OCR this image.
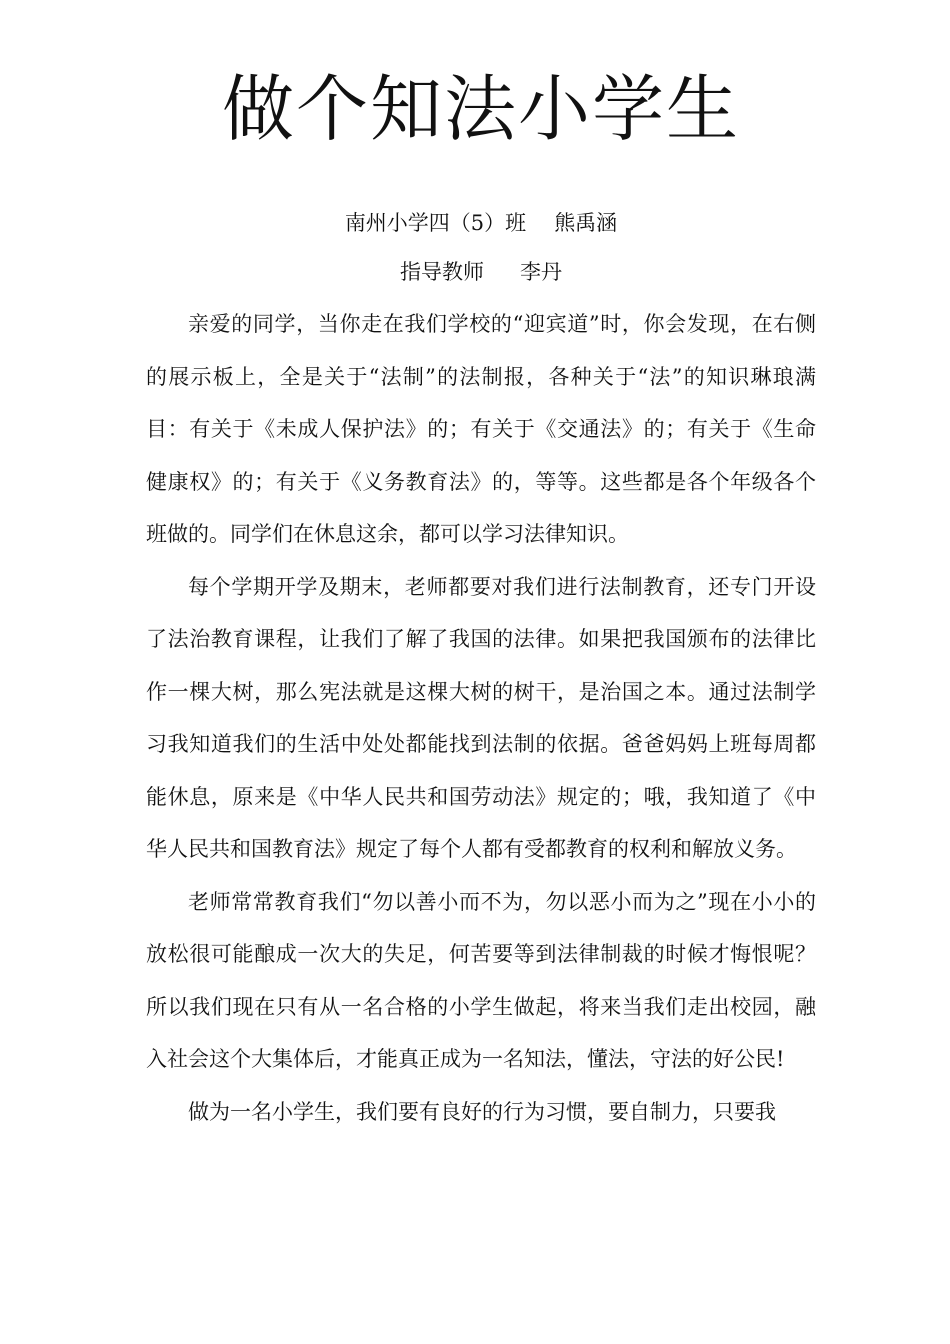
做个知法小学生

南州小学四（5）班 熊禹涵

指导教师 李丹

亲爱的同学，当你走在我们学校的“迎宾道”时，你会发现，在右侧的展示板上，全是关于“法制”的法制报，各种关于“法”的知识琳琅满目：有关于《未成人保护法》的；有关于《交通法》的；有关于《生命健康权》的；有关于《义务教育法》的，等等。这些都是各个年级各个班做的。同学们在休息这余，都可以学习法律知识。

每个学期开学及期末，老师都要对我们进行法制教育，还专门开设了法治教育课程，让我们了解了我国的法律。如果把我国颁布的法律比作一棵大树，那么宪法就是这棵大树的树干，是治国之本。通过法制学习我知道我们的生活中处处都能找到法制的依据。爸爸妈妈上班每周都能休息，原来是《中华人民共和国劳动法》规定的；哦，我知道了《中华人民共和国教育法》规定了每个人都有受都教育的权利和解放义务。

老师常常教育我们“勿以善小而不为，勿以恶小而为之”现在小小的放松很可能酿成一次大的失足，何苦要等到法律制裁的时候才悔恨呢？所以我们现在只有从一名合格的小学生做起，将来当我们走出校园，融入社会这个大集体后，才能真正成为一名知法，懂法，守法的好公民!

做为一名小学生，我们要有良好的行为习惯，要自制力，只要我
